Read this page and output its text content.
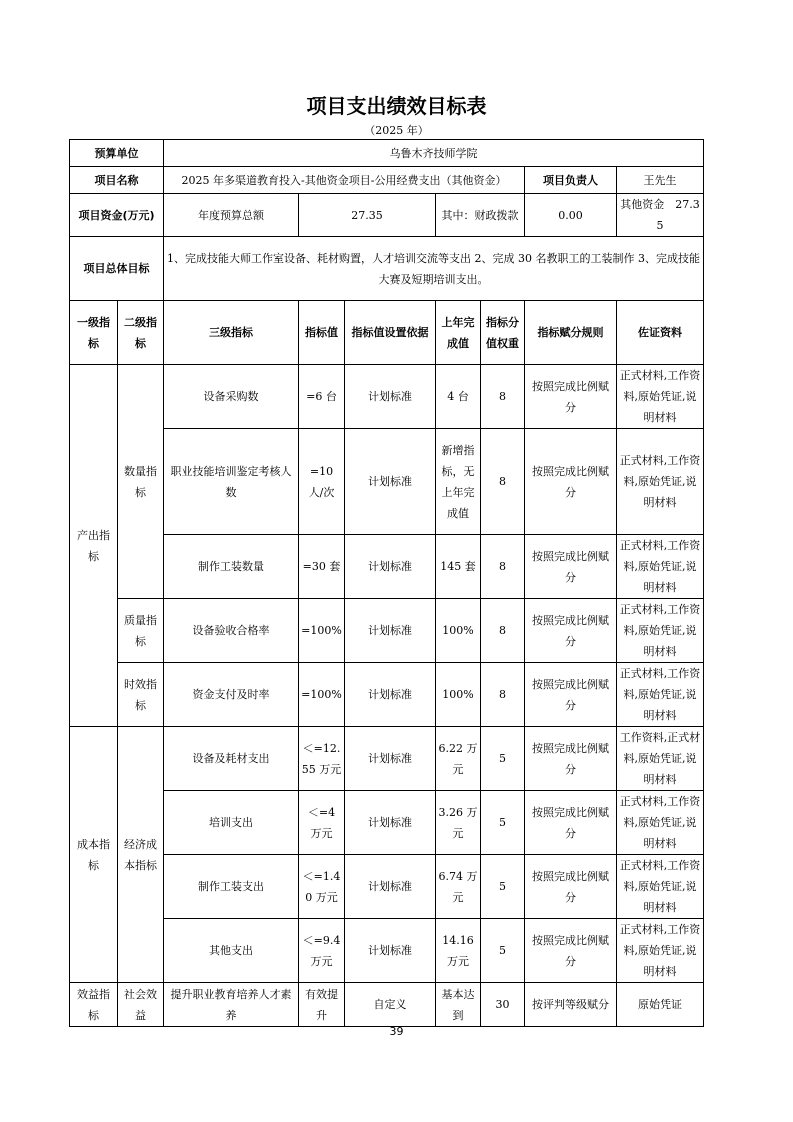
项目支出绩效目标表
（2025 年）
预算单位		乌鲁木齐技师学院						
项目名称		2025 年多渠道教育投入-其他资金项目-公用经费支出（其他资金）					项目负责人	王先生
项目资金(万元)		年度预算总额	27.35		其中：财政拨款		0.00	其他资金　 27.35
项目总体目标		1、完成技能大师工作室设备、耗材购置，人才培训交流等支出 2、完成 30 名教职工的工装制作 3、完成技能大赛及短期培训支出。						
一级指标	二级指标	三级指标	指标值	指标值设置依据	上年完成值	指标分值权重	指标赋分规则	佐证资料
产出指标	数量指标	设备采购数	=6 台	计划标准	4 台	8	按照完成比例赋分	正式材料,工作资料,原始凭证,说明材料
		职业技能培训鉴定考核人数	=10 人/次	计划标准	新增指标，无上年完成值	8	按照完成比例赋分	正式材料,工作资料,原始凭证,说明材料
		制作工装数量	=30 套	计划标准	145 套	8	按照完成比例赋分	正式材料,工作资料,原始凭证,说明材料
	质量指标	设备验收合格率	=100%	计划标准	100%	8	按照完成比例赋分	正式材料,工作资料,原始凭证,说明材料
	时效指标	资金支付及时率	=100%	计划标准	100%	8	按照完成比例赋分	正式材料,工作资料,原始凭证,说明材料
成本指标	经济成本指标	设备及耗材支出	＜=12.55 万元	计划标准	6.22 万元	5	按照完成比例赋分	工作资料,正式材料,原始凭证,说明材料
		培训支出	＜=4 万元	计划标准	3.26 万元	5	按照完成比例赋分	正式材料,工作资料,原始凭证,说明材料
		制作工装支出	＜=1.40 万元	计划标准	6.74 万元	5	按照完成比例赋分	正式材料,工作资料,原始凭证,说明材料
		其他支出	＜=9.4 万元	计划标准	14.16 万元	5	按照完成比例赋分	正式材料,工作资料,原始凭证,说明材料
效益指标	社会效益	提升职业教育培养人才素养	有效提升	自定义	基本达到	30	按评判等级赋分	原始凭证
39
